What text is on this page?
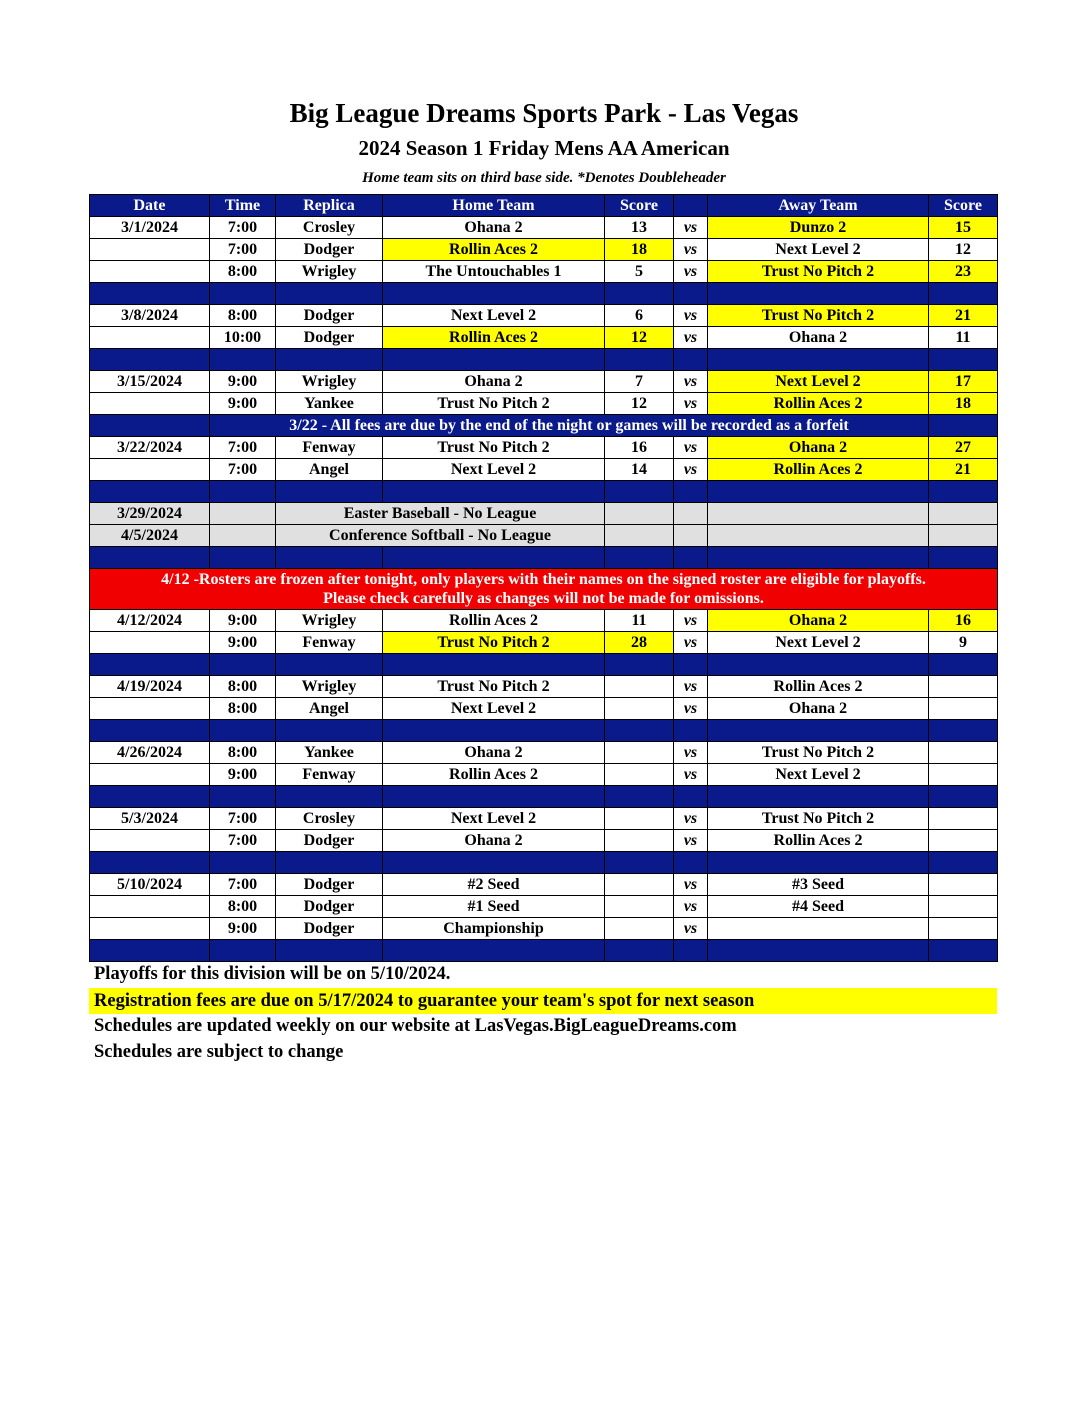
Big League Dreams Sports Park - Las Vegas
2024 Season 1 Friday Mens AA American
Home team sits on third base side. *Denotes Doubleheader
Date	Time	Replica	Home Team	Score		Away Team	Score
3/1/2024	7:00	Crosley	Ohana 2	13	vs	Dunzo 2	15
	7:00	Dodger	Rollin Aces 2	18	vs	Next Level 2	12
	8:00	Wrigley	The Untouchables 1	5	vs	Trust No Pitch 2	23

3/8/2024	8:00	Dodger	Next Level 2	6	vs	Trust No Pitch 2	21
	10:00	Dodger	Rollin Aces 2	12	vs	Ohana 2	11

3/15/2024	9:00	Wrigley	Ohana 2	7	vs	Next Level 2	17
	9:00	Yankee	Trust No Pitch 2	12	vs	Rollin Aces 2	18
	3/22 - All fees are due by the end of the night or games will be recorded as a forfeit						
3/22/2024	7:00	Fenway	Trust No Pitch 2	16	vs	Ohana 2	27
	7:00	Angel	Next Level 2	14	vs	Rollin Aces 2	21

3/29/2024		Easter Baseball - No League					
4/5/2024		Conference Softball - No League					

4/12 -Rosters are frozen after tonight, only players with their names on the signed roster are eligible for playoffs.
Please check carefully as changes will not be made for omissions.							

4/12/2024	9:00	Wrigley	Rollin Aces 2	11	vs	Ohana 2	16
	9:00	Fenway	Trust No Pitch 2	28	vs	Next Level 2	9

4/19/2024	8:00	Wrigley	Trust No Pitch 2		vs	Rollin Aces 2	
	8:00	Angel	Next Level 2		vs	Ohana 2	

4/26/2024	8:00	Yankee	Ohana 2		vs	Trust No Pitch 2	
	9:00	Fenway	Rollin Aces 2		vs	Next Level 2	

5/3/2024	7:00	Crosley	Next Level 2		vs	Trust No Pitch 2	
	7:00	Dodger	Ohana 2		vs	Rollin Aces 2	

5/10/2024	7:00	Dodger	#2 Seed		vs	#3 Seed	
	8:00	Dodger	#1 Seed		vs	#4 Seed	
	9:00	Dodger	Championship		vs		

Playoffs for this division will be on 5/10/2024.
Registration fees are due on 5/17/2024 to guarantee your team's spot for next season
Schedules are updated weekly on our website at LasVegas.BigLeagueDreams.com
Schedules are subject to change
